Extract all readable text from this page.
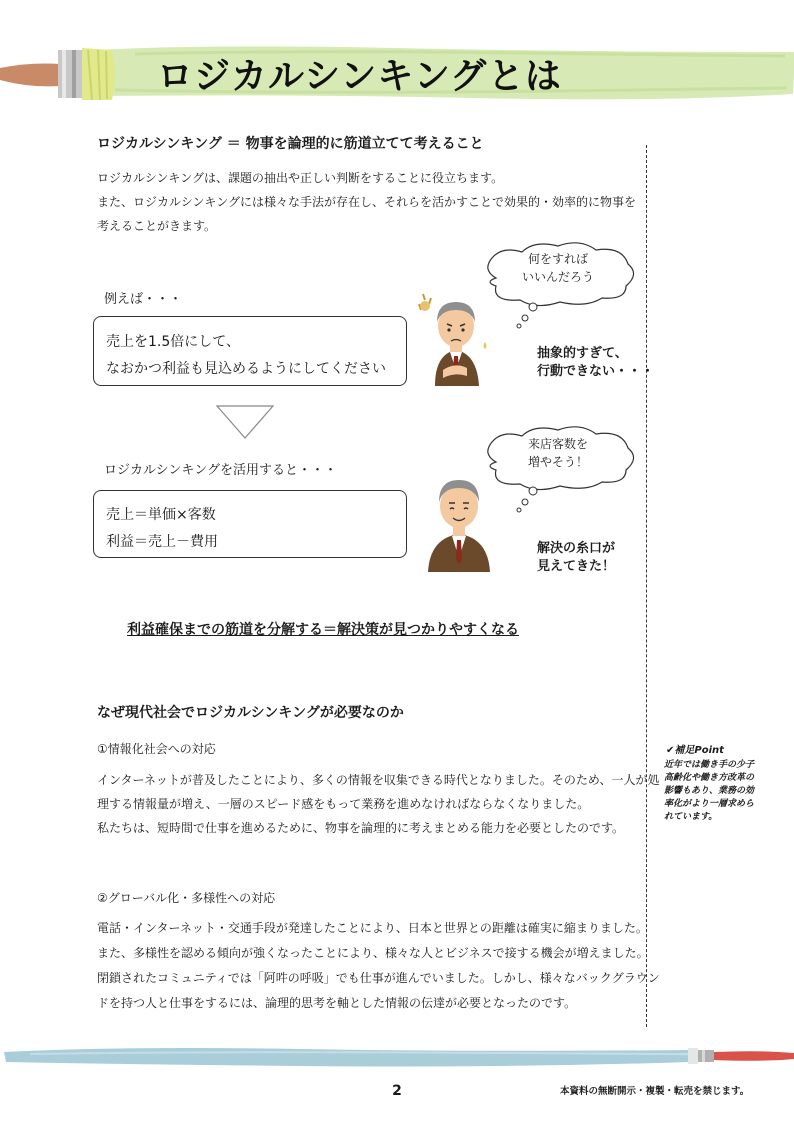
ロジカルシンキングとは
ロジカルシンキング ＝ 物事を論理的に筋道立てて考えること
ロジカルシンキングは、課題の抽出や正しい判断をすることに役立ちます。
また、ロジカルシンキングには様々な手法が存在し、それらを活かすことで効果的・効率的に物事を
考えることがきます。
例えば・・・
売上を1.5倍にして、
なおかつ利益も見込めるようにしてください
何をすれば
いいんだろう
抽象的すぎて、
行動できない・・・
ロジカルシンキングを活用すると・・・
売上＝単価×客数
利益＝売上－費用
来店客数を
増やそう！
解決の糸口が
見えてきた！
利益確保までの筋道を分解する＝解決策が見つかりやすくなる
なぜ現代社会でロジカルシンキングが必要なのか
①情報化社会への対応
インターネットが普及したことにより、多くの情報を収集できる時代となりました。そのため、一人が処
理する情報量が増え、一層のスピード感をもって業務を進めなければならなくなりました。
私たちは、短時間で仕事を進めるために、物事を論理的に考えまとめる能力を必要としたのです。
②グローバル化・多様性への対応
電話・インターネット・交通手段が発達したことにより、日本と世界との距離は確実に縮まりました。
また、多様性を認める傾向が強くなったことにより、様々な人とビジネスで接する機会が増えました。
閉鎖されたコミュニティでは「阿吽の呼吸」でも仕事が進んでいました。しかし、様々なバックグラウン
ドを持つ人と仕事をするには、論理的思考を軸とした情報の伝達が必要となったのです。
✔補足Point
近年では働き手の少子高齢化や働き方改革の影響もあり、業務の効率化がより一層求められています。
2	本資料の無断開示・複製・転売を禁じます。
